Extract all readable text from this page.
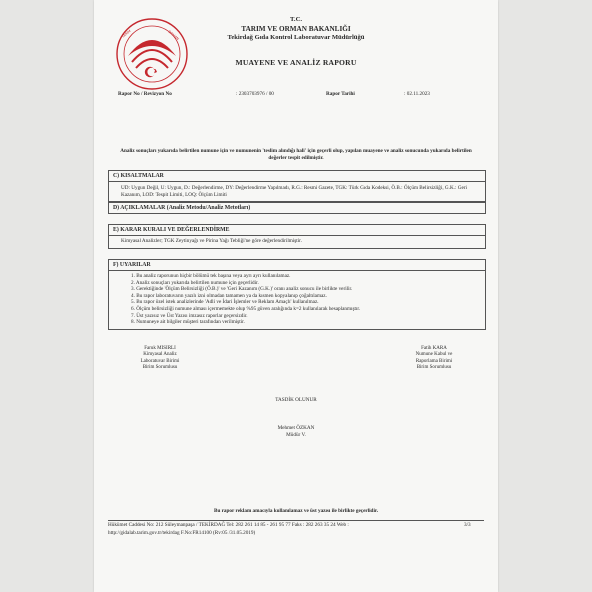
TARIM	ORMAN
T.C.
TARIM VE ORMAN BAKANLIĞI
Tekirdağ Gıda Kontrol Laboratuvar Müdürlüğü
MUAYENE VE ANALİZ RAPORU
Rapor No / Revizyon No	: 2303703976 / 00	Rapor Tarihi	: 02.11.2023
Analiz sonuçları yukarıda belirtilen numune için ve numunenin 'teslim alındığı hali' için geçerli olup, yapılan muayene ve analiz sonucunda yukarıda belirtilen değerler tespit edilmiştir.
C) KISALTMALAR
UD: Uygun Değil, U: Uygun, D.: Değerlendirme, DY: Değerlendirme Yapılmadı, R.G.: Resmi Gazete, TGK: Türk Gıda Kodeksi, Ö.B.: Ölçüm Belirsizliği, G.K.: Geri Kazanım, LOD: Tespit Limiti, LOQ: Ölçüm Limiti
D) AÇIKLAMALAR (Analiz Metodu/Analiz Metotları)
E) KARAR KURALI VE DEĞERLENDİRME
Kimyasal Analizler; TGK Zeytinyağı ve Pirina Yağı Tebliği'ne göre değerlendirilmiştir.
F) UYARILAR
1. Bu analiz raporunun hiçbir bölümü tek başına veya ayrı ayrı kullanılamaz.
2. Analiz sonuçları yukarıda belirtilen numune için geçerlidir.
3. Gerektiğinde 'Ölçüm Belirsizliği (Ö.B.)' ve 'Geri Kazanım (G.K.)' oranı analiz sonucu ile birlikte verilir.
4. Bu rapor laboratuvarın yazılı izni olmadan tamamen ya da kısmen kopyalanıp çoğaltılamaz.
5. Bu rapor özel istek analizlerinde 'Adli ve İdari İşlemler ve Reklam Amaçlı' kullanılmaz.
6. Ölçüm belirsizliği numune alması içermemekte olup %95 güven aralığında k=2 kullanılarak hesaplanmıştır.
7. Üst yazısız ve Üst Yazısı imzasız raporlar geçersizdir.
8. Numuneye ait bilgiler müşteri tarafından verilmiştir.
Faruk MISIRLI
Kimyasal Analiz
Laboratuvar Birimi
Birim Sorumlusu
Fatih KARA
Numune Kabul ve
Raporlama Birimi
Birim Sorumlusu
TASDİK OLUNUR
Mehmet ÖZKAN
Müdür V.
Bu rapor reklam amacıyla kullanılamaz ve üst yazısı ile birlikte geçerlidir.
Hükümet Caddesi No: 212 Süleymanpaşa / TEKİRDAĞ Tel: 282 261 14 85 - 261 95 77 Faks : 282 263 35 24 Web :
http://gidalab.tarim.gov.tr/tekirdag F.No:FR14100 (Rv:05 /31.05.2019)
3/3
